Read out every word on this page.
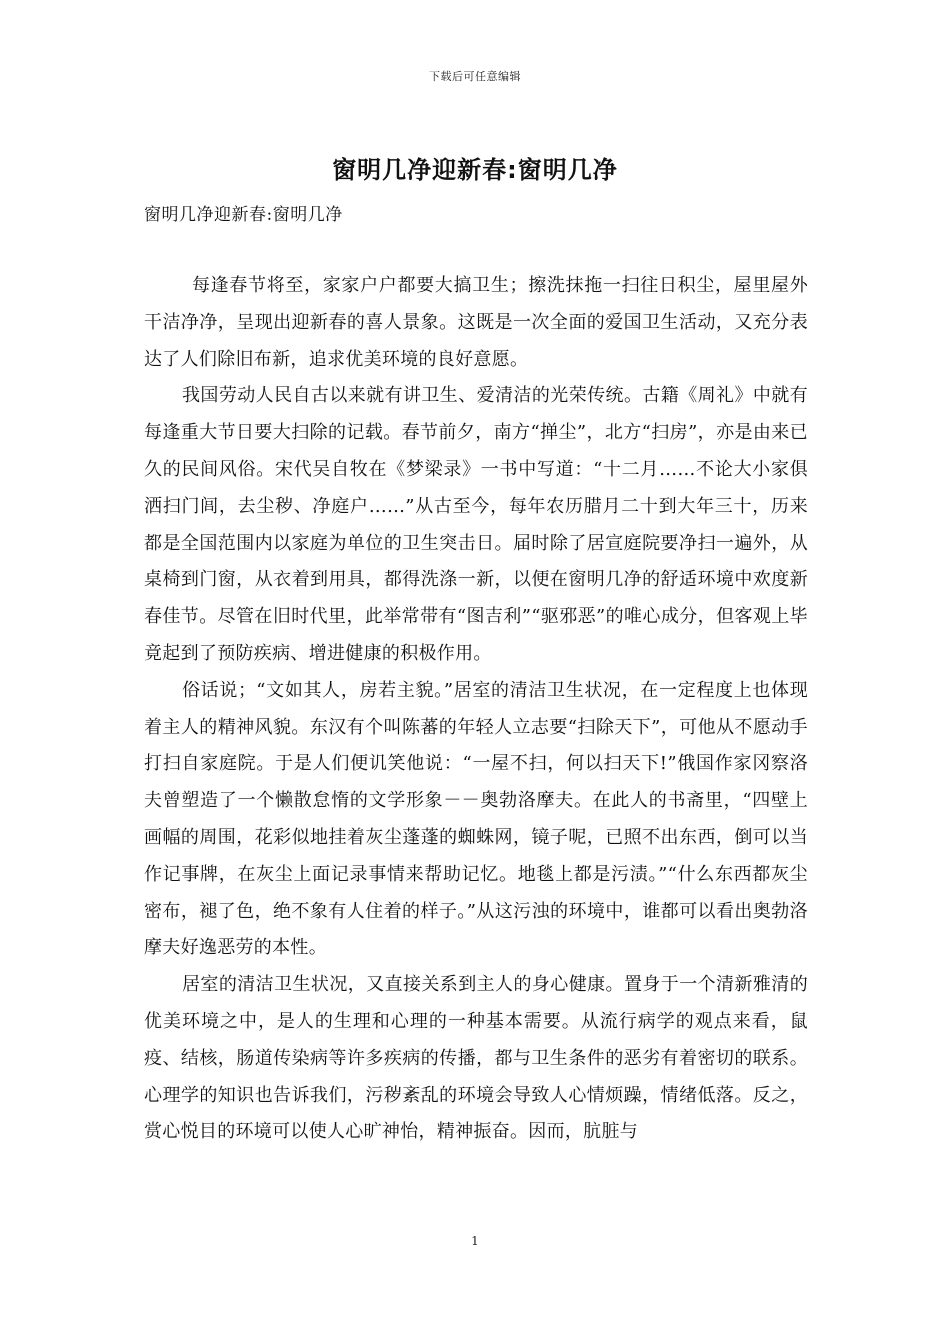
下载后可任意编辑
窗明几净迎新春:窗明几净
窗明几净迎新春:窗明几净

每逢春节将至，家家户户都要大搞卫生；擦洗抹拖一扫往日积尘，屋里屋外干洁净净，呈现出迎新春的喜人景象。这既是一次全面的爱国卫生活动，又充分表达了人们除旧布新，追求优美环境的良好意愿。

我国劳动人民自古以来就有讲卫生、爱清洁的光荣传统。古籍《周礼》中就有每逢重大节日要大扫除的记载。春节前夕，南方“掸尘”，北方“扫房”，亦是由来已久的民间风俗。宋代吴自牧在《梦梁录》一书中写道：“十二月……不论大小家俱洒扫门闾，去尘秽、净庭户……”从古至今，每年农历腊月二十到大年三十，历来都是全国范围内以家庭为单位的卫生突击日。届时除了居宣庭院要净扫一遍外，从桌椅到门窗，从衣着到用具，都得洗涤一新，以便在窗明几净的舒适环境中欢度新春佳节。尽管在旧时代里，此举常带有“图吉利”“驱邪恶”的唯心成分，但客观上毕竟起到了预防疾病、增进健康的积极作用。

俗话说；“文如其人，房若主貌。”居室的清洁卫生状况，在一定程度上也体现着主人的精神风貌。东汉有个叫陈蕃的年轻人立志要“扫除天下”，可他从不愿动手打扫自家庭院。于是人们便讥笑他说：“一屋不扫，何以扫天下!”俄国作家冈察洛夫曾塑造了一个懒散怠惰的文学形象－－奥勃洛摩夫。在此人的书斋里，“四壁上画幅的周围，花彩似地挂着灰尘蓬蓬的蜘蛛网，镜子呢，已照不出东西，倒可以当作记事牌，在灰尘上面记录事情来帮助记忆。地毯上都是污渍。”“什么东西都灰尘密布，褪了色，绝不象有人住着的样子。”从这污浊的环境中，谁都可以看出奥勃洛摩夫好逸恶劳的本性。

居室的清洁卫生状况，又直接关系到主人的身心健康。置身于一个清新雅清的优美环境之中，是人的生理和心理的一种基本需要。从流行病学的观点来看，鼠疫、结核，肠道传染病等许多疾病的传播，都与卫生条件的恶劣有着密切的联系。心理学的知识也告诉我们，污秽紊乱的环境会导致人心情烦躁，情绪低落。反之，赏心悦目的环境可以使人心旷神怡，精神振奋。因而，肮脏与

1
